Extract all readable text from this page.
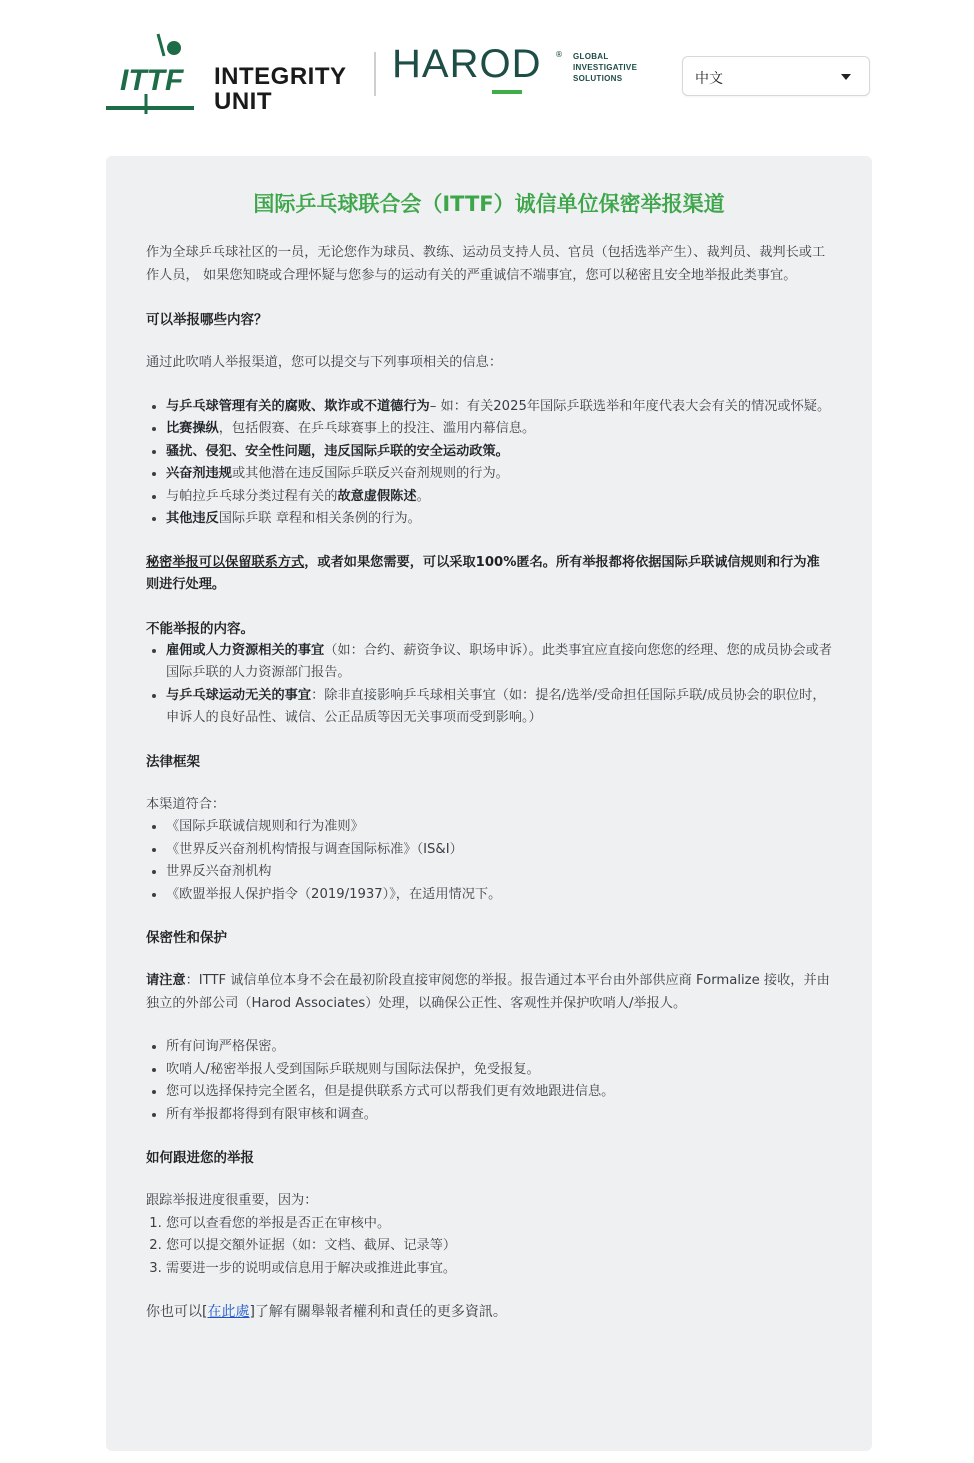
ITTF INTEGRITY
UNIT
HAROD ® GLOBAL
INVESTIGATIVE
SOLUTIONS	中文
国际乒乓球联合会（ITTF）诚信单位保密举报渠道

作为全球乒乓球社区的一员，无论您作为球员、教练、运动员支持人员、官员（包括选举产生）、裁判员、裁判长或工作人员， 如果您知晓或合理怀疑与您参与的运动有关的严重诚信不端事宜，您可以秘密且安全地举报此类事宜。

可以举报哪些内容？

通过此吹哨人举报渠道，您可以提交与下列事项相关的信息：

• 与乒乓球管理有关的腐败、欺诈或不道德行为– 如：有关2025年国际乒联选举和年度代表大会有关的情况或怀疑。
• 比赛操纵，包括假赛、在乒乓球赛事上的投注、滥用内幕信息。
• 骚扰、侵犯、安全性问题，违反国际乒联的安全运动政策。
• 兴奋剂违规或其他潜在违反国际乒联反兴奋剂规则的行为。
• 与帕拉乒乓球分类过程有关的故意虚假陈述。
• 其他违反国际乒联 章程和相关条例的行为。

秘密举报可以保留联系方式，或者如果您需要，可以采取100%匿名。所有举报都将依据国际乒联诚信规则和行为准则进行处理。

不能举报的内容。
• 雇佣或人力资源相关的事宜（如：合约、薪资争议、职场申诉）。此类事宜应直接向您您的经理、您的成员协会或者国际乒联的人力资源部门报告。
• 与乒乓球运动无关的事宜：除非直接影响乒乓球相关事宜（如：提名/选举/受命担任国际乒联/成员协会的职位时，申诉人的良好品性、诚信、公正品质等因无关事项而受到影响。）
法律框架

本渠道符合：

• 《国际乒联诚信规则和行为准则》
• 《世界反兴奋剂机构情报与调查国际标准》（IS&I）
• 世界反兴奋剂机构
• 《欧盟举报人保护指令（2019/1937）》，在适用情况下。
保密性和保护

请注意：ITTF 诚信单位本身不会在最初阶段直接审阅您的举报。报告通过本平台由外部供应商 Formalize 接收，并由独立的外部公司（Harod Associates）处理，以确保公正性、客观性并保护吹哨人/举报人。

• 所有问询严格保密。
• 吹哨人/秘密举报人受到国际乒联规则与国际法保护，免受报复。
• 您可以选择保持完全匿名，但是提供联系方式可以帮我们更有效地跟进信息。
• 所有举报都将得到有限审核和调查。
如何跟进您的举报

跟踪举报进度很重要，因为：

1. 您可以查看您的举报是否正在审核中。
2. 您可以提交額外证据（如：文档、截屏、记录等）
3. 需要进一步的说明或信息用于解决或推进此事宜。

你也可以[在此處]了解有關舉報者權利和責任的更多資訊。
